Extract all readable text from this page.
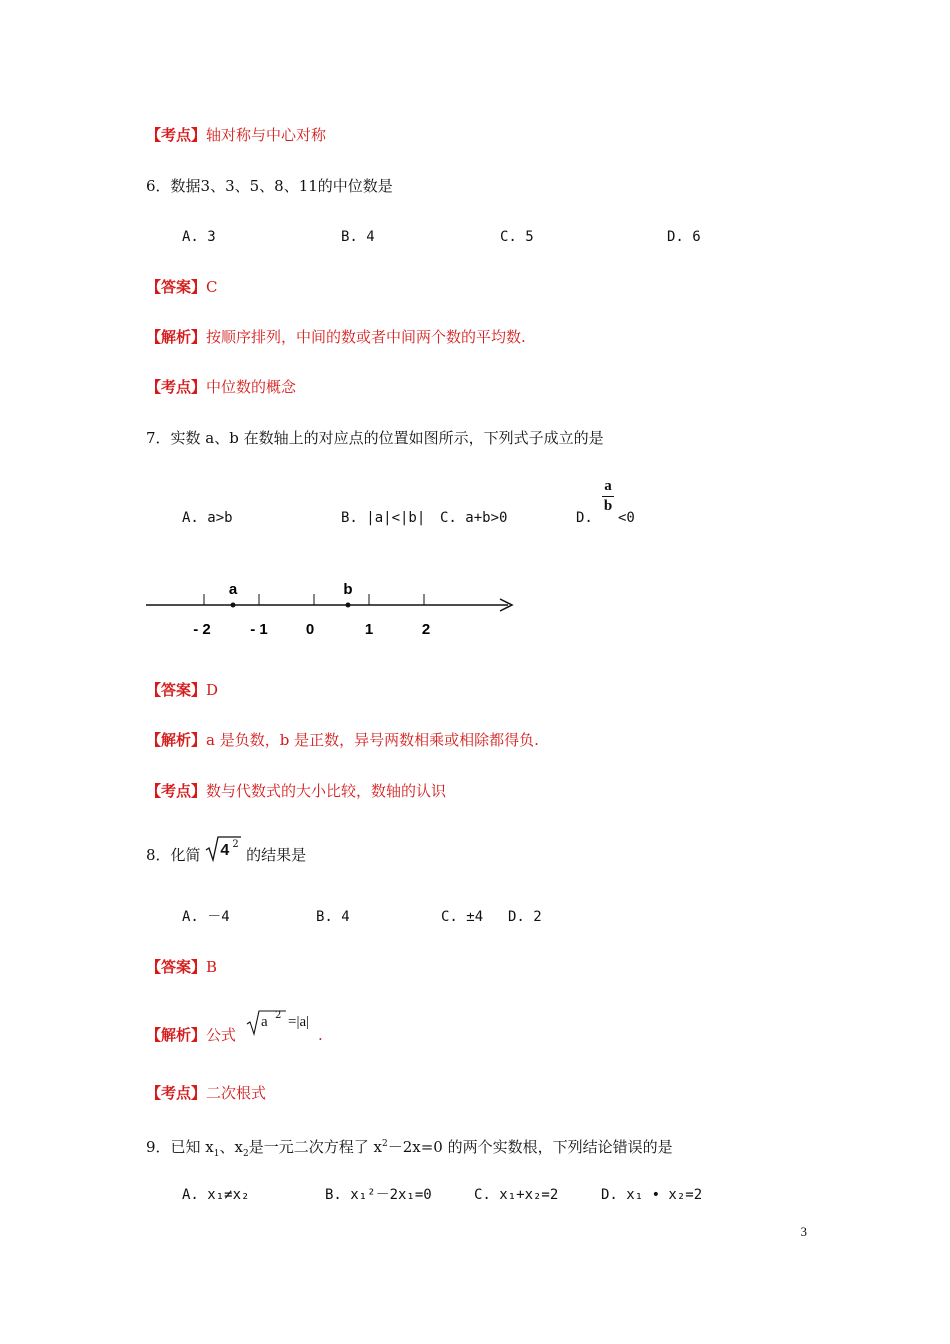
【考点】轴对称与中心对称
6．数据3、3、5、8、11的中位数是
A. 3	B. 4	C. 5	D. 6
【答案】C
【解析】按顺序排列，中间的数或者中间两个数的平均数.
【考点】中位数的概念
7．实数 a、b 在数轴上的对应点的位置如图所示，下列式子成立的是
A. a>b	B. |a|<|b| C. a+b>0	D.
a
b
<0
a	b
- 2	- 1	0	1	2
【答案】D
【解析】a 是负数，b 是正数，异号两数相乘或相除都得负.
【考点】数与代数式的大小比较，数轴的认识
8．化简 4 2
的结果是
A. －4	B. 4	C. ±4 D. 2
【答案】B
【解析】公式
a 2 =|a|
.
【考点】二次根式
9．已知 $x_1$、$x_2$是一元二次方程了 $x^2-2x=0$ 的两个实数根，下列结论错误的是
A. x₁≠x₂	B. x₁²－2x₁=0	C. x₁+x₂=2	D. x₁ • x₂=2
3
